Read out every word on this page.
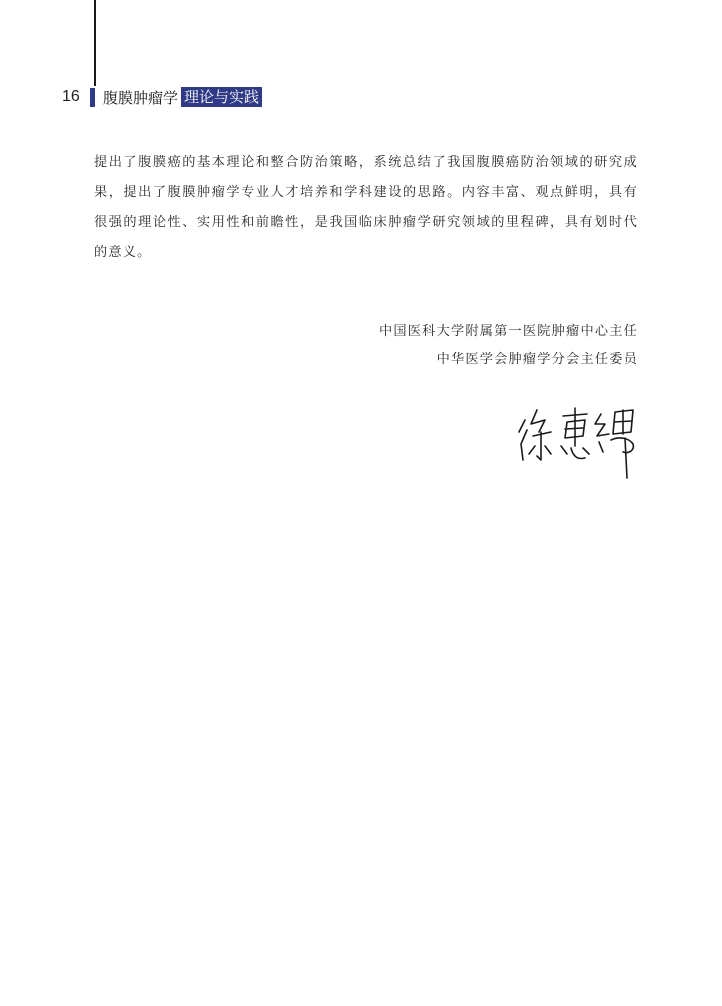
16	腹膜肿瘤学 理论与实践

提出了腹膜癌的基本理论和整合防治策略，系统总结了我国腹膜癌防治领域的研究成果，提出了腹膜肿瘤学专业人才培养和学科建设的思路。内容丰富、观点鲜明，具有很强的理论性、实用性和前瞻性，是我国临床肿瘤学研究领域的里程碑，具有划时代的意义。

中国医科大学附属第一医院肿瘤中心主任
中华医学会肿瘤学分会主任委员
